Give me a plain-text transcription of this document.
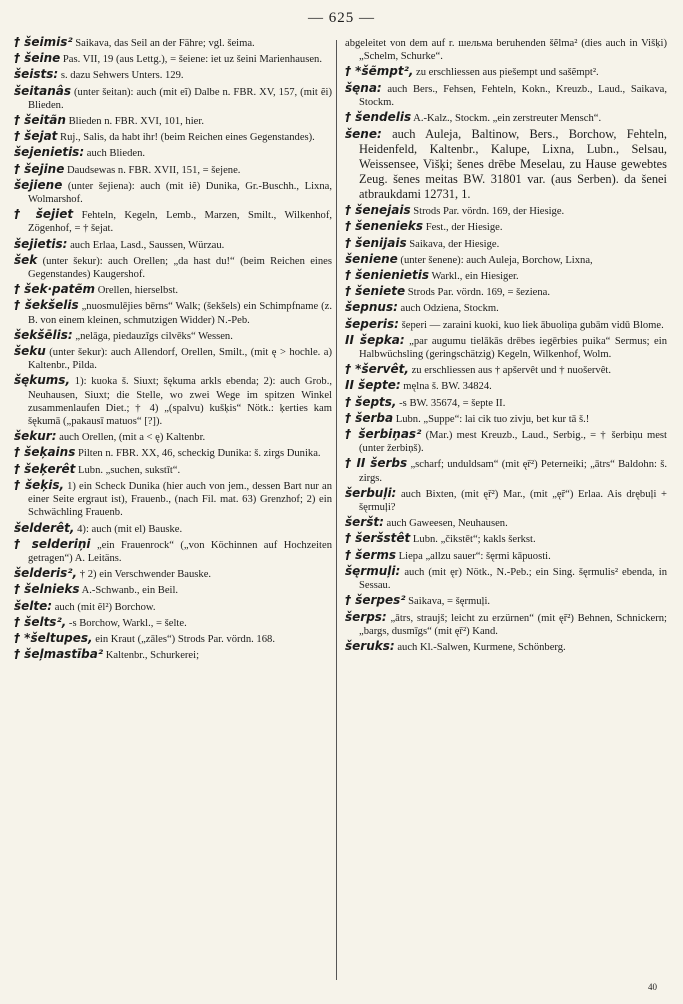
— 625 —

† šeimis² Saikava, das Seil an der Fähre; vgl. šeima.

† šeine Pas. VII, 19 (aus Lettg.), = šeiene: iet uz šeini Marienhausen.

šeists: s. dazu Sehwers Unters. 129.

šeitanâs (unter šeitan): auch (mit eĩ) Dalbe n. FBR. XV, 157, (mit ẽi) Blieden.

† šeitãn Blieden n. FBR. XVI, 101, hier.

† šejat Ruj., Salis, da habt ihr! (beim Reichen eines Gegenstandes).

šejenietis: auch Blieden.

† šejine Daudsewas n. FBR. XVII, 151, = šejene.

šejiene (unter šejiena): auch (mit iẽ) Dunika, Gr.-Buschh., Lixna, Wolmarshof.

† šejiet Fehteln, Kegeln, Lemb., Marzen, Smilt., Wilkenhof, Zögenhof, = † šejat.

šejietis: auch Erlaa, Lasd., Saussen, Würzau.

šek (unter šekur): auch Orellen; „da hast du!“ (beim Reichen eines Gegenstandes) Kaugershof.

† šek·patẽm Orellen, hierselbst.

† šekšelis „nuosmulējies bērns“ Walk; (šekšels) ein Schimpfname (z. B. von einem kleinen, schmutzigen Widder) N.-Peb.

šekšēlis: „nelāga, piedauzīgs cilvēks“ Wessen.

šeku (unter šekur): auch Allendorf, Orellen, Smilt., (mit ę > hochle. a) Kaltenbr., Pilda.

šękums, 1): kuoka š. Siuxt; šękuma arkls ebenda; 2): auch Grob., Neuhausen, Siuxt; die Stelle, wo zwei Wege im spitzen Winkel zusammenlaufen Diet.; † 4) „(spalvu) kušķis“ Nötk.: ķerties kam šękumā („pakausī matuos“ [?]).

šekur: auch Orellen, (mit a < ę) Kaltenbr.

† šeķains Pilten n. FBR. XX, 46, scheckig Dunika: š. zirgs Dunika.

† šeķerêt Lubn. „suchen, sukstīt“.

† šeķis, 1) ein Scheck Dunika (hier auch von jem., dessen Bart nur an einer Seite ergraut ist), Frauenb., (nach Fil. mat. 63) Grenzhof; 2) ein Schwächling Frauenb.

šelderêt, 4): auch (mit el) Bauske.

† selderiņi „ein Frauenrock“ („von Köchinnen auf Hochzeiten getragen“) A. Leitäns.

šelderis², † 2) ein Verschwender Bauske.

† šelnieks A.-Schwanb., ein Beil.

šelte: auch (mit ẽl²) Borchow.

† šelts², -s Borchow, Warkl., = šelte.

† *šeltupes, ein Kraut („zāles“) Strods Par. vördn. 168.

† šeļmastība² Kaltenbr., Schurkerei;

abgeleitet von dem auf r. шельма beruhenden šẽlma² (dies auch in Višķi) „Schelm, Schurke“.

† *šẽmpt², zu erschliessen aus piešempt und sašẽmpt².

šęna: auch Bers., Fehsen, Fehteln, Kokn., Kreuzb., Laud., Saikava, Stockm.

† šendelis A.-Kalz., Stockm. „ein zerstreuter Mensch“.

šene: auch Auleja, Baltinow, Bers., Borchow, Fehteln, Heidenfeld, Kaltenbr., Kalupe, Lixna, Lubn., Selsau, Weissensee, Višķi; šenes drēbe Meselau, zu Hause gewebtes Zeug. šenes meitas BW. 31801 var. (aus Serben). da šenei atbraukdami 12731, 1.

† šenejais Strods Par. vördn. 169, der Hiesige.

† šenenieks Fest., der Hiesige.

† šenijais Saikava, der Hiesige.

šeniene (unter šenene): auch Auleja, Borchow, Lixna,

† šenienietis Warkl., ein Hiesiger.

† šeniete Strods Par. vördn. 169, = šeziena.

šepnus: auch Odziena, Stockm.

šeperis: šeperi — zaraini kuoki, kuo liek ābuoliņa gubām vidū Blome.

II šepka: „par augumu tielākās drēbes iegērbies puika“ Sermus; ein Halbwüchsling (geringschätzig) Kegeln, Wilkenhof, Wolm.

† *šervêt, zu erschliessen aus † apšervêt und † nuošervêt.

II šepte: męlna š. BW. 34824.

† šepts, -s BW. 35674, = šepte II.

† šerba Lubn. „Suppe“: lai cik tuo zivju, bet kur tā š.!

† šerbiņas² (Mar.) mest Kreuzb., Laud., Serbig., = † šerbiņu mest (unter žerbiņš).

† II šerbs „scharf; unduldsam“ (mit ę̃r²) Peterneiki; „ātrs“ Baldohn: š. zirgs.

šerbuļi: auch Bixten, (mit ę̃r²) Mar., (mit „ę̃r“) Erlaa. Ais drębuļi + šęrmuļi?

šeršt: auch Gaweesen, Neuhausen.

† šeršstêt Lubn. „čikstēt“; kakls šerkst.

† šerms Liepa „allzu sauer“: šęrmi kāpuosti.

šęrmuļi: auch (mit ęr) Nötk., N.-Peb.; ein Sing. šęrmulis² ebenda, in Sessau.

† šerpes² Saikava, = šęrmuļi.

šerps: „ātrs, straujš; leicht zu erzürnen“ (mit ę̃r²) Behnen, Schnickern; „bargs, dusmīgs“ (mit ę̃r²) Kand.

šeruks: auch Kl.-Salwen, Kurmene, Schönberg.

40
